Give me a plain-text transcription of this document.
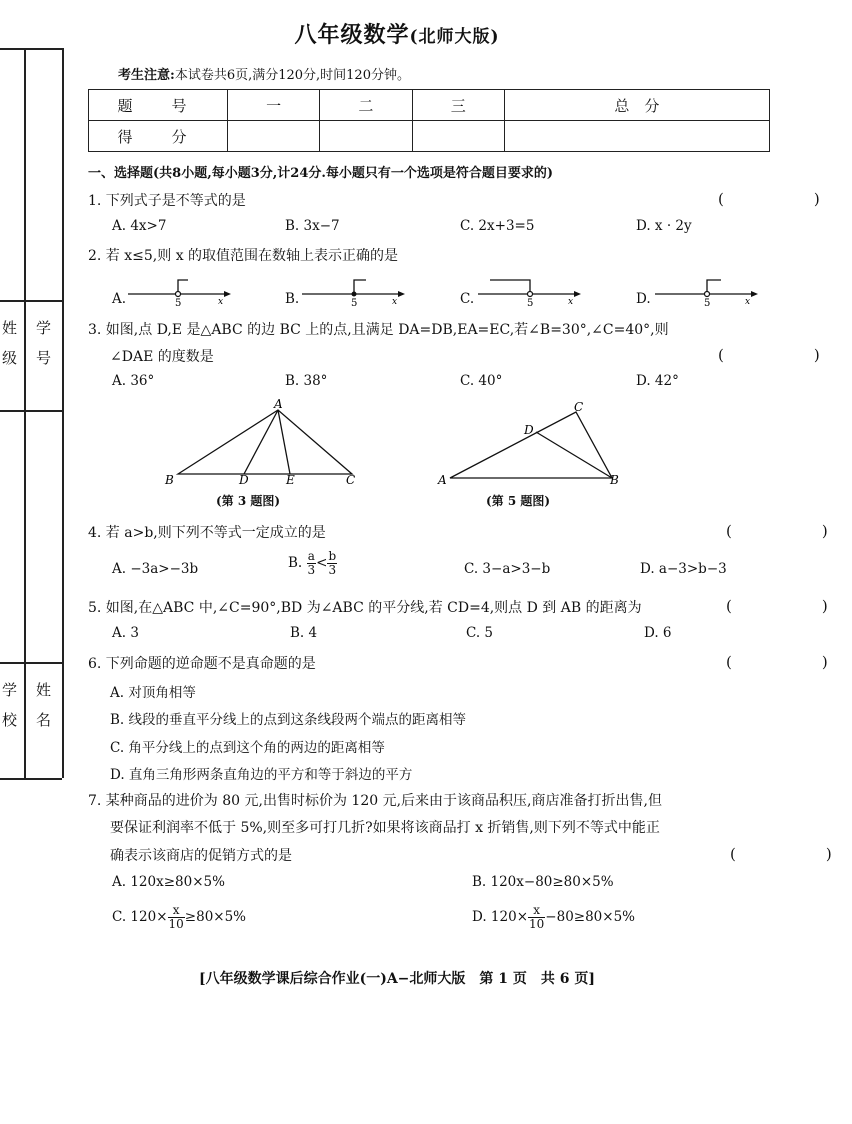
姓　级 学　号
学　校 姓　名
八年级数学(北师大版)
考生注意:本试卷共6页,满分120分,时间120分钟。
题　号	一	二	三	总　分
得　分				
一、选择题(共8小题,每小题3分,计24分.每小题只有一个选项是符合题目要求的)
1. 下列式子是不等式的是	(　　)
A. 4x>7	B. 3x−7	C. 2x+3=5	D. x · 2y
2. 若 x≤5,则 x 的取值范围在数轴上表示正确的是
A.	B.	C.	D.
5	x	5	x	5	x	5	x
3. 如图,点 D,E 是△ABC 的边 BC 上的点,且满足 DA=DB,EA=EC,若∠B=30°,∠C=40°,则
∠DAE 的度数是	(　　)
A. 36°	B. 38°	C. 40°	D. 42°
A
B	C
D	E
(第 3 题图)
C
A	B
D
(第 5 题图)
4. 若 a>b,则下列不等式一定成立的是	(　　)
A. −3a>−3b	B. $\frac{a}{3} < \frac{b}{3}$	C. 3−a>3−b	D. a−3>b−3
5. 如图,在△ABC 中,∠C=90°,BD 为∠ABC 的平分线,若 CD=4,则点 D 到 AB 的距离为	(　　)
A. 3	B. 4	C. 5	D. 6
6. 下列命题的逆命题不是真命题的是	(　　)
A. 对顶角相等
B. 线段的垂直平分线上的点到这条线段两个端点的距离相等
C. 角平分线上的点到这个角的两边的距离相等
D. 直角三角形两条直角边的平方和等于斜边的平方
7. 某种商品的进价为 80 元,出售时标价为 120 元,后来由于该商品积压,商店准备打折出售,但
要保证利润率不低于 5%,则至多可打几折?如果将该商品打 x 折销售,则下列不等式中能正
确表示该商店的促销方式的是	(　　)
A. 120x≥80×5%	B. 120x−80≥80×5%
C. $120\times \frac{x}{10} \ge 80\times 5\%$	D. $120\times \frac{x}{10} -80\ge 80\times 5\%$
[八年级数学课后综合作业(一)A−北师大版　第 1 页　共 6 页]
